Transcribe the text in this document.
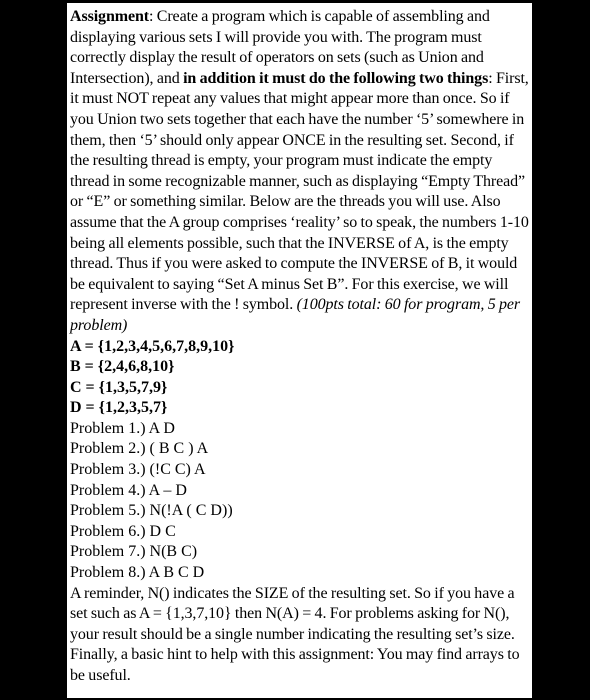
Assignment: Create a program which is capable of assembling and displaying various sets I will provide you with. The program must correctly display the result of operators on sets (such as Union and Intersection), and in addition it must do the following two things: First, it must NOT repeat any values that might appear more than once. So if you Union two sets together that each have the number ‘5’ somewhere in them, then ‘5’ should only appear ONCE in the resulting set. Second, if the resulting thread is empty, your program must indicate the empty thread in some recognizable manner, such as displaying “Empty Thread” or “E” or something similar. Below are the threads you will use. Also assume that the A group comprises ‘reality’ so to speak, the numbers 1-10 being all elements possible, such that the INVERSE of A, is the empty thread. Thus if you were asked to compute the INVERSE of B, it would be equivalent to saying “Set A minus Set B”. For this exercise, we will represent inverse with the ! symbol. (100pts total: 60 for program, 5 per problem)

A = {1,2,3,4,5,6,7,8,9,10}
B = {2,4,6,8,10}
C = {1,3,5,7,9}
D = {1,2,3,5,7}
Problem 1.) A D
Problem 2.) ( B C ) A
Problem 3.) (!C C) A
Problem 4.) A – D
Problem 5.) N(!A ( C D))
Problem 6.) D C
Problem 7.) N(B C)
Problem 8.) A B C D

A reminder, N() indicates the SIZE of the resulting set. So if you have a set such as A = {1,3,7,10} then N(A) = 4. For problems asking for N(), your result should be a single number indicating the resulting set’s size. Finally, a basic hint to help with this assignment: You may find arrays to be useful.
